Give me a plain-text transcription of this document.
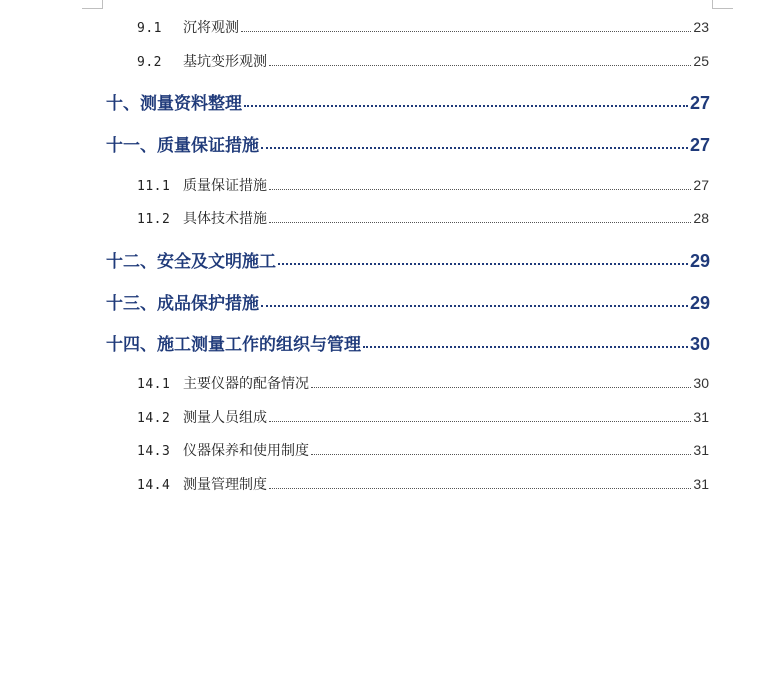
9.1	沉将观测	23
9.2	基坑变形观测	25
十、测量资料整理	27
十一、质量保证措施	27
11.1 质量保证措施	27
11.2 具体技术措施	28
十二、安全及文明施工	29
十三、成品保护措施	29
十四、施工测量工作的组织与管理	30
14.1 主要仪器的配备情况	30
14.2 测量人员组成	31
14.3 仪器保养和使用制度	31
14.4 测量管理制度	31
